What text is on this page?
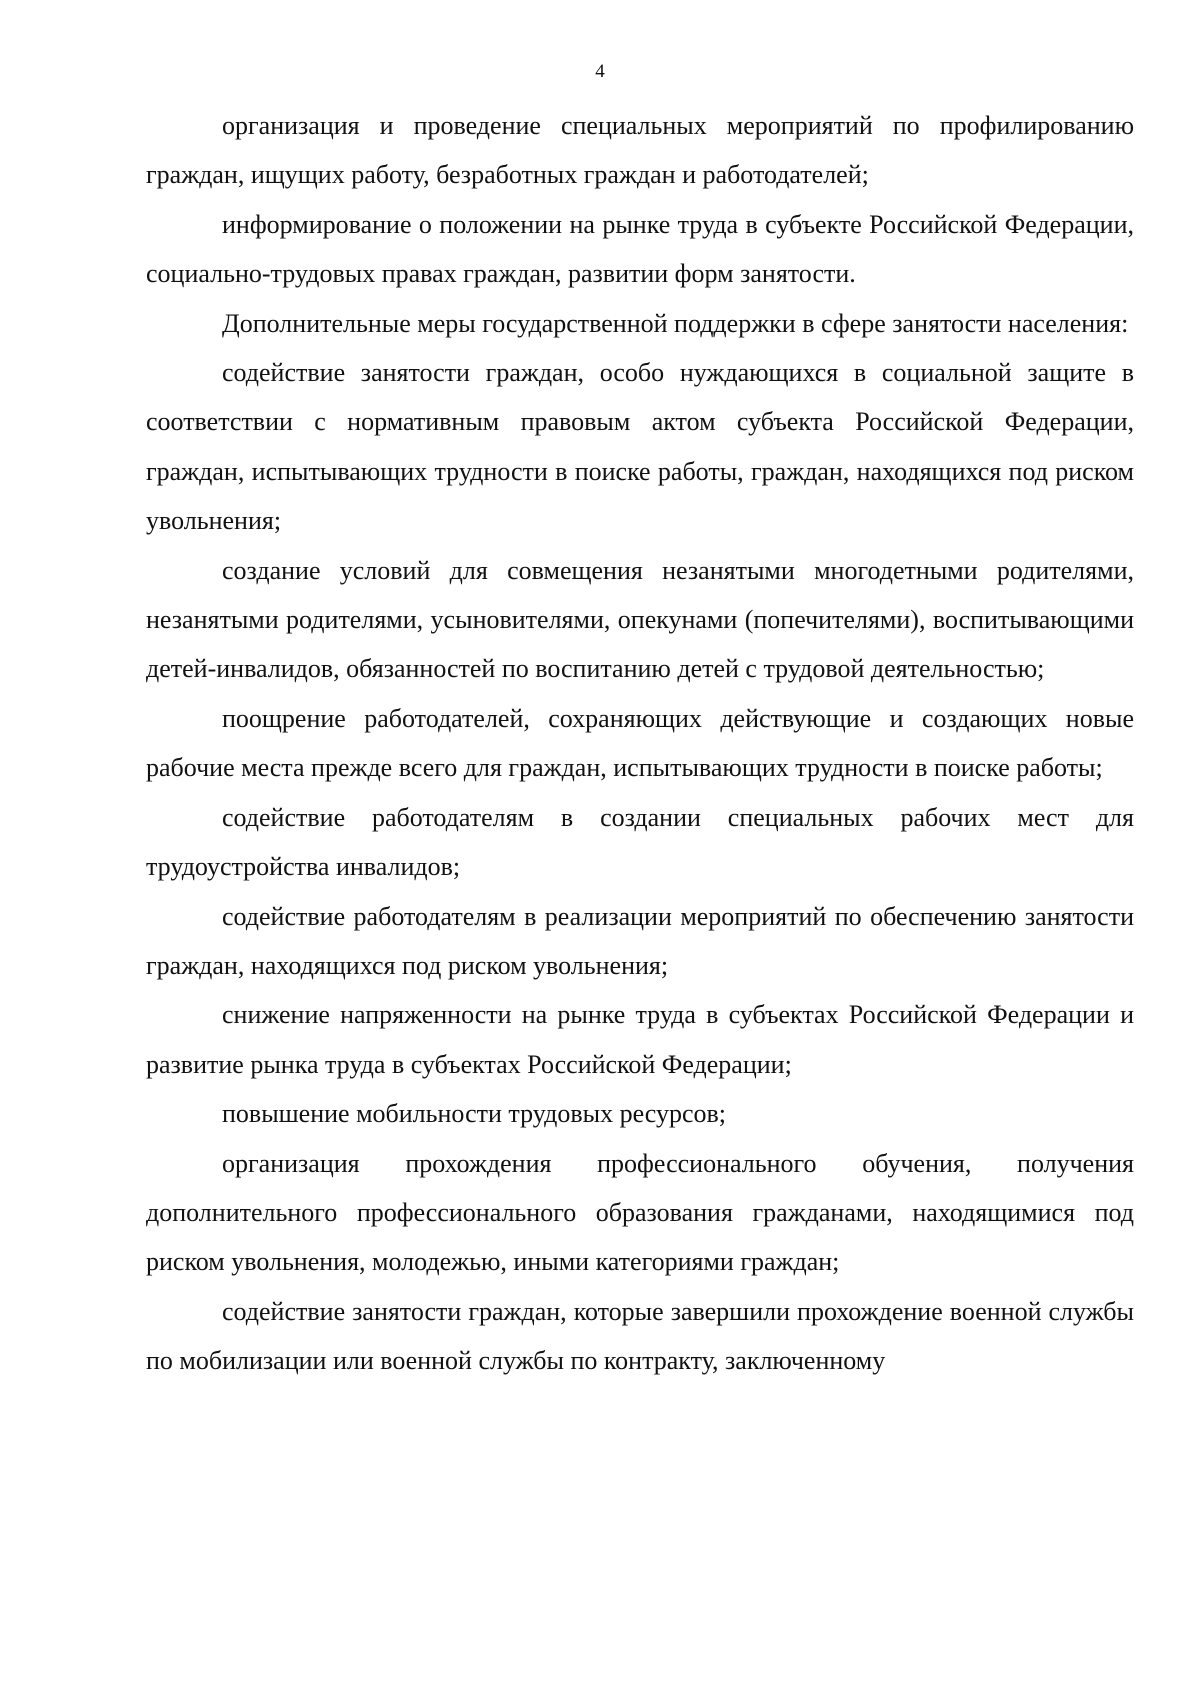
4

организация и проведение специальных мероприятий по профилированию граждан, ищущих работу, безработных граждан и работодателей;

информирование о положении на рынке труда в субъекте Российской Федерации, социально-трудовых правах граждан, развитии форм занятости.

Дополнительные меры государственной поддержки в сфере занятости населения:

содействие занятости граждан, особо нуждающихся в социальной защите в соответствии с нормативным правовым актом субъекта Российской Федерации, граждан, испытывающих трудности в поиске работы, граждан, находящихся под риском увольнения;

создание условий для совмещения незанятыми многодетными родителями, незанятыми родителями, усыновителями, опекунами (попечителями), воспитывающими детей-инвалидов, обязанностей по воспитанию детей с трудовой деятельностью;

поощрение работодателей, сохраняющих действующие и создающих новые рабочие места прежде всего для граждан, испытывающих трудности в поиске работы;

содействие работодателям в создании специальных рабочих мест для трудоустройства инвалидов;

содействие работодателям в реализации мероприятий по обеспечению занятости граждан, находящихся под риском увольнения;

снижение напряженности на рынке труда в субъектах Российской Федерации и развитие рынка труда в субъектах Российской Федерации;

повышение мобильности трудовых ресурсов;

организация прохождения профессионального обучения, получения дополнительного профессионального образования гражданами, находящимися под риском увольнения, молодежью, иными категориями граждан;

содействие занятости граждан, которые завершили прохождение военной службы по мобилизации или военной службы по контракту, заключенному
